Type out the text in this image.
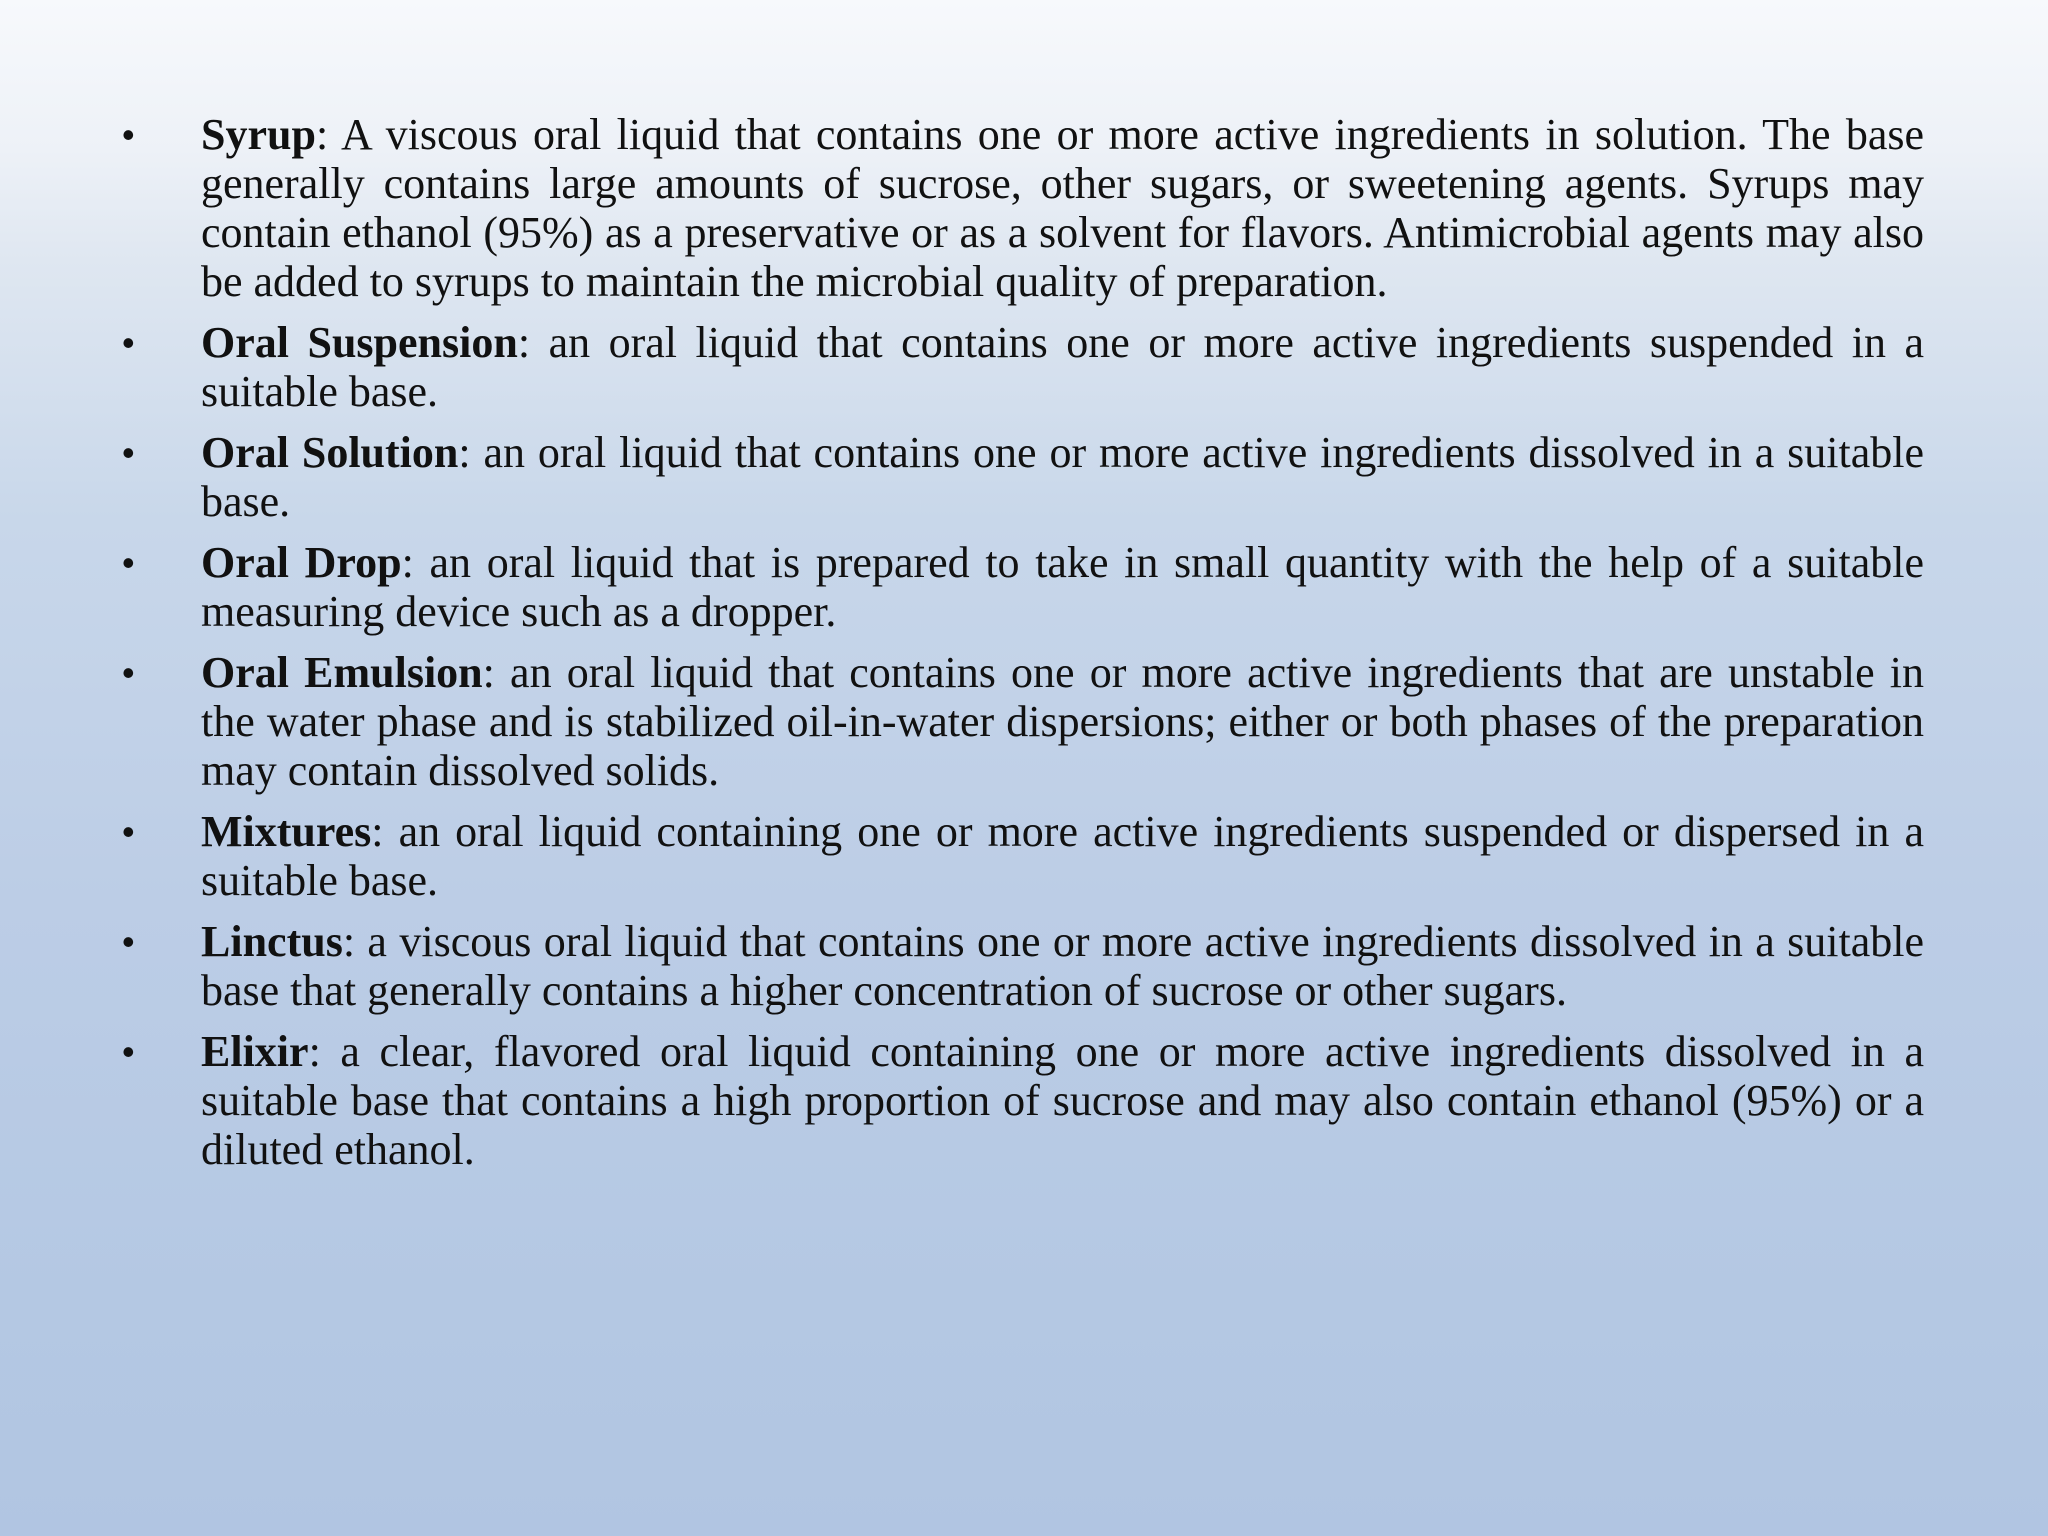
•	Syrup: A viscous oral liquid that contains one or more active ingredients in solution. The base generally contains large amounts of sucrose, other sugars, or sweetening agents. Syrups may contain ethanol (95%) as a preservative or as a solvent for flavors. Antimicrobial agents may also be added to syrups to maintain the microbial quality of preparation.
•	Oral Suspension: an oral liquid that contains one or more active ingredients suspended in a suitable base.
•	Oral Solution: an oral liquid that contains one or more active ingredients dissolved in a suitable base.
•	Oral Drop: an oral liquid that is prepared to take in small quantity with the help of a suitable measuring device such as a dropper.
•	Oral Emulsion: an oral liquid that contains one or more active ingredients that are unstable in the water phase and is stabilized oil-in-water dispersions; either or both phases of the preparation may contain dissolved solids.
•	Mixtures: an oral liquid containing one or more active ingredients suspended or dispersed in a suitable base.
•	Linctus: a viscous oral liquid that contains one or more active ingredients dissolved in a suitable base that generally contains a higher concentration of sucrose or other sugars.
•	Elixir: a clear, flavored oral liquid containing one or more active ingredients dissolved in a suitable base that contains a high proportion of sucrose and may also contain ethanol (95%) or a diluted ethanol.
